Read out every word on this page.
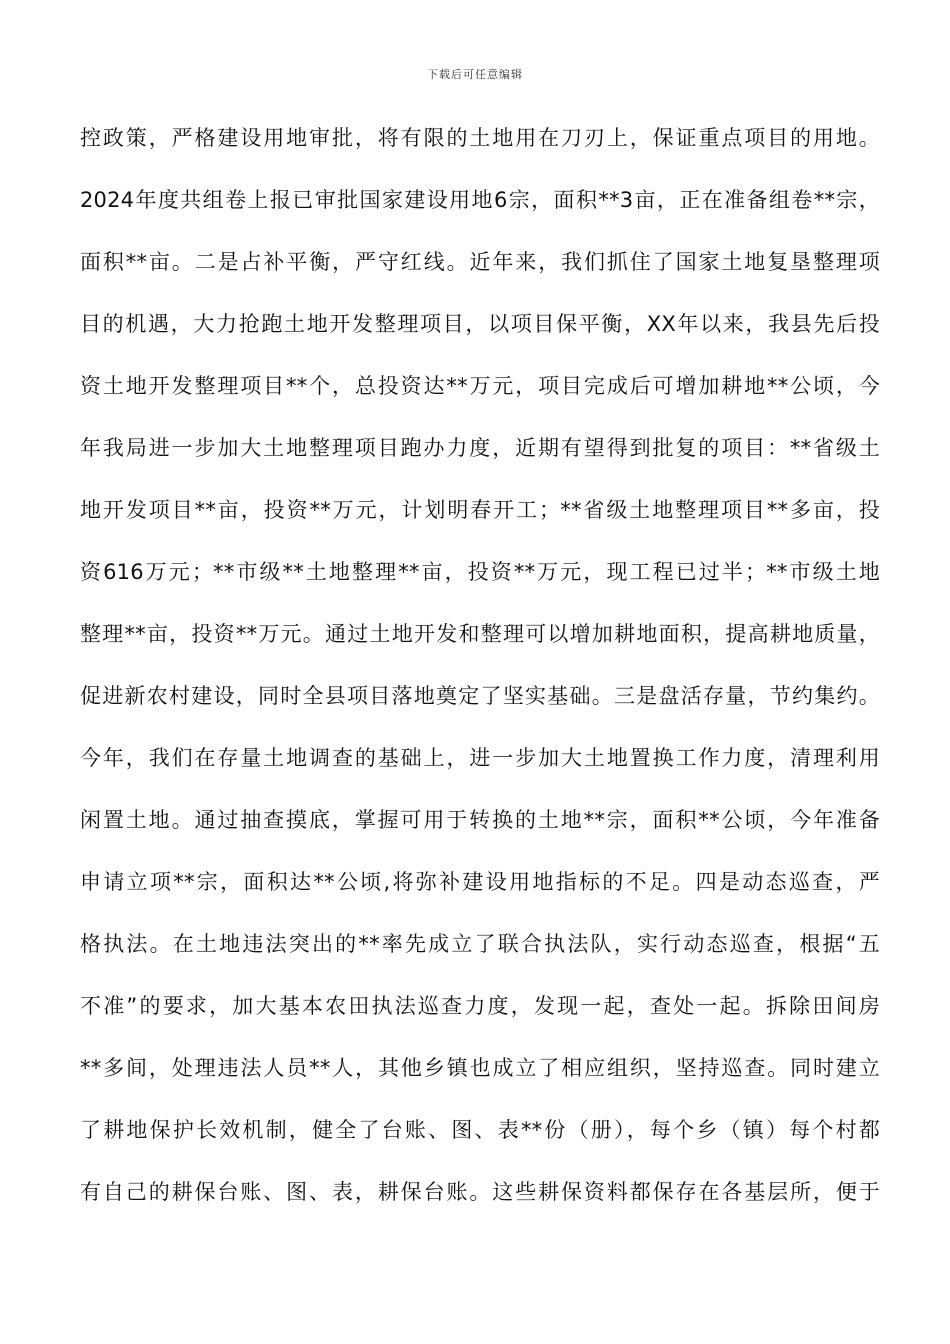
下载后可任意编辑
控政策，严格建设用地审批，将有限的土地用在刀刃上，保证重点项目的用地。
2024年度共组卷上报已审批国家建设用地6宗，面积**3亩，正在准备组卷**宗，
面积**亩。二是占补平衡，严守红线。近年来，我们抓住了国家土地复垦整理项
目的机遇，大力抢跑土地开发整理项目，以项目保平衡，XX年以来，我县先后投
资土地开发整理项目**个，总投资达**万元，项目完成后可增加耕地**公顷，今
年我局进一步加大土地整理项目跑办力度，近期有望得到批复的项目：**省级土
地开发项目**亩，投资**万元，计划明春开工；**省级土地整理项目**多亩，投
资616万元；**市级**土地整理**亩，投资**万元，现工程已过半；**市级土地
整理**亩，投资**万元。通过土地开发和整理可以增加耕地面积，提高耕地质量，
促进新农村建设，同时全县项目落地奠定了坚实基础。三是盘活存量，节约集约。
今年，我们在存量土地调查的基础上，进一步加大土地置换工作力度，清理利用
闲置土地。通过抽查摸底，掌握可用于转换的土地**宗，面积**公顷，今年准备
申请立项**宗，面积达**公顷,将弥补建设用地指标的不足。四是动态巡查，严
格执法。在土地违法突出的**率先成立了联合执法队，实行动态巡查，根据“五
不准”的要求，加大基本农田执法巡查力度，发现一起，查处一起。拆除田间房
**多间，处理违法人员**人，其他乡镇也成立了相应组织，坚持巡查。同时建立
了耕地保护长效机制，健全了台账、图、表**份（册），每个乡（镇）每个村都
有自己的耕保台账、图、表，耕保台账。这些耕保资料都保存在各基层所，便于
